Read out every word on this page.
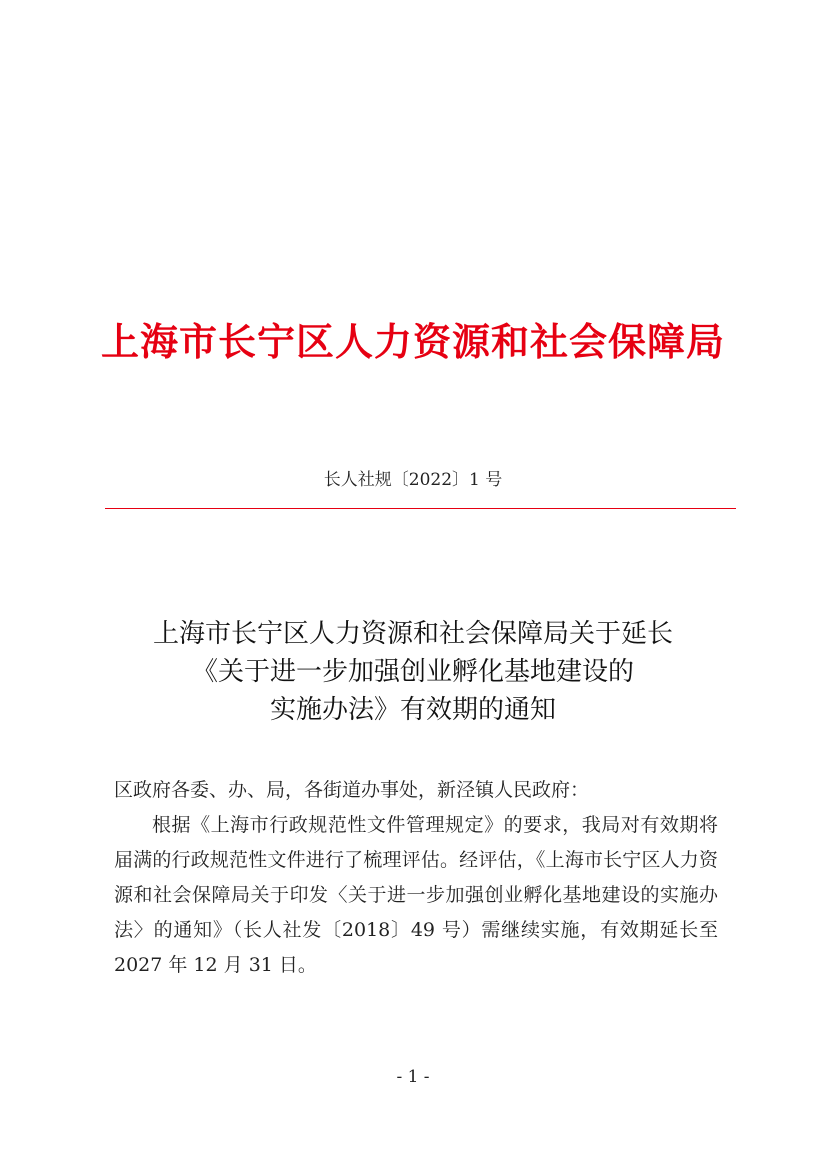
上海市长宁区人力资源和社会保障局
长人社规〔2022〕1 号
上海市长宁区人力资源和社会保障局关于延长
《关于进一步加强创业孵化基地建设的
实施办法》有效期的通知
区政府各委、办、局，各街道办事处，新泾镇人民政府：
根据《上海市行政规范性文件管理规定》的要求，我局对有效期将届满的行政规范性文件进行了梳理评估。经评估，《上海市长宁区人力资源和社会保障局关于印发〈关于进一步加强创业孵化基地建设的实施办法〉的通知》（长人社发〔2018〕49 号）需继续实施，有效期延长至 2027 年 12 月 31 日。
- 1 -
